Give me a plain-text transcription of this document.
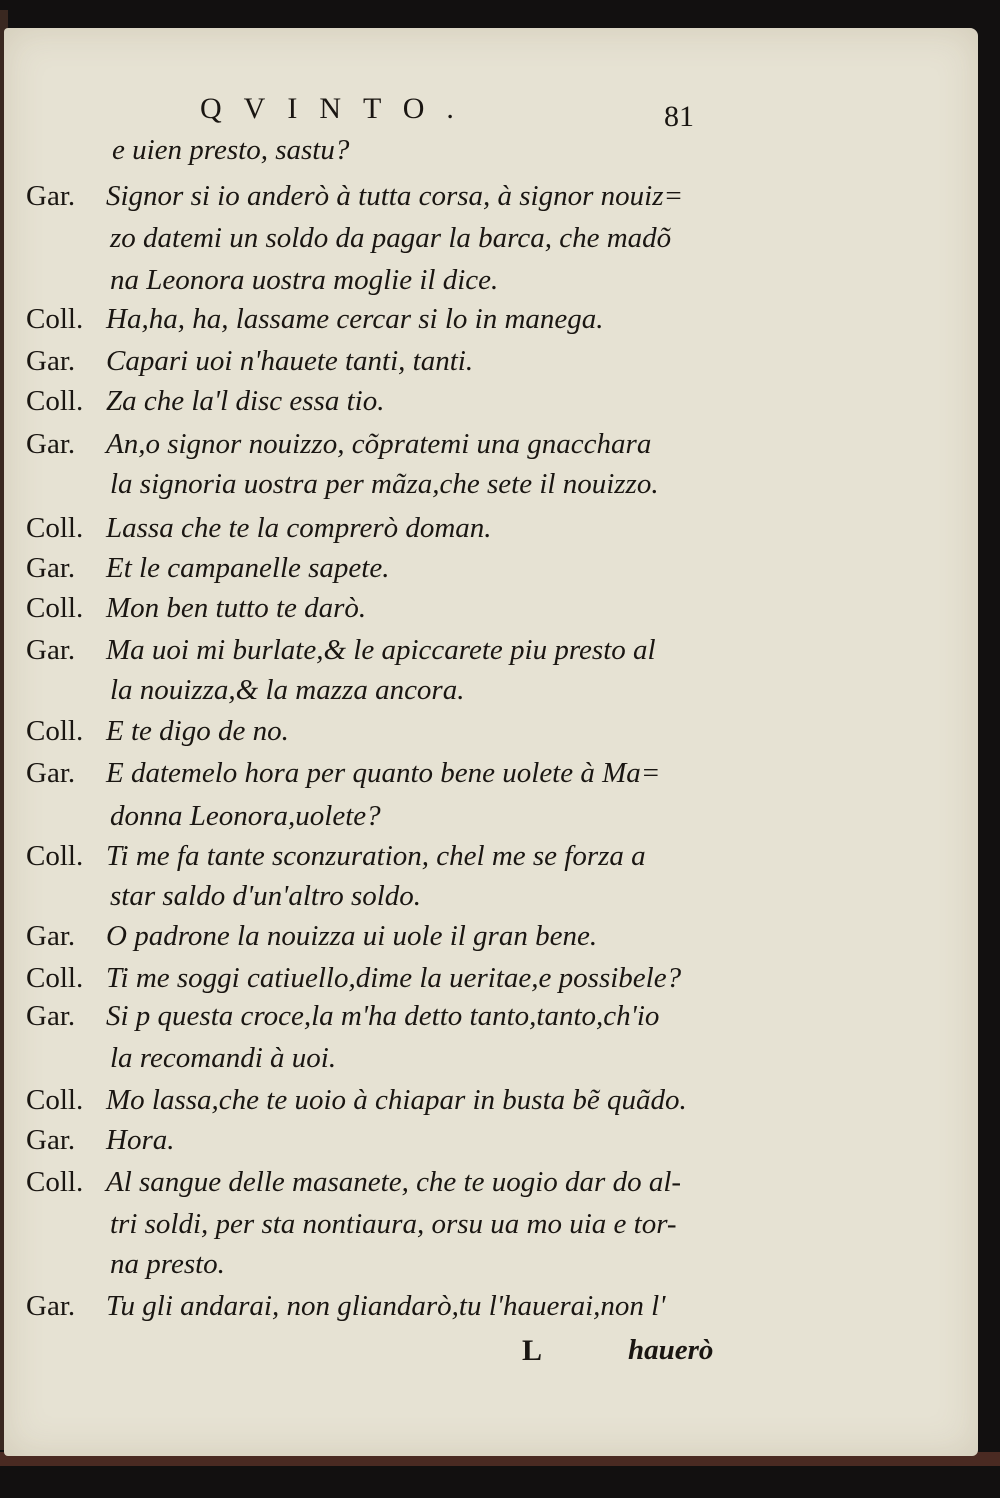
QVINTO.	81
e uien presto, sastu?
Gar. Signor si io anderò à tutta corsa, à signor nouiz=
zo datemi un soldo da pagar la barca, che madõ
na Leonora uostra moglie il dice.
Coll. Ha,ha, ha, lassame cercar si lo in manega.
Gar. Capari uoi n'hauete tanti, tanti.
Coll. Za che la'l disc essa tio.
Gar. An,o signor nouizzo, cõpratemi una gnacchara
la signoria uostra per mãza,che sete il nouizzo.
Coll. Lassa che te la comprerò doman.
Gar. Et le campanelle sapete.
Coll. Mon ben tutto te darò.
Gar. Ma uoi mi burlate,& le apiccarete piu presto al
la nouizza,& la mazza ancora.
Coll. E te digo de no.
Gar. E datemelo hora per quanto bene uolete à Ma=
donna Leonora,uolete?
Coll. Ti me fa tante sconzuration, chel me se forza a
star saldo d'un'altro soldo.
Gar. O padrone la nouizza ui uole il gran bene.
Coll. Ti me soggi catiuello,dime la ueritae,e possibele?
Gar. Si p questa croce,la m'ha detto tanto,tanto,ch'io
la recomandi à uoi.
Coll. Mo lassa,che te uoio à chiapar in busta bẽ quãdo.
Gar. Hora.
Coll. Al sangue delle masanete, che te uogio dar do al-
tri soldi, per sta nontiaura, orsu ua mo uia e tor-
na presto.
Gar. Tu gli andarai, non gliandarò,tu l'hauerai,non l'
L	hauerò
